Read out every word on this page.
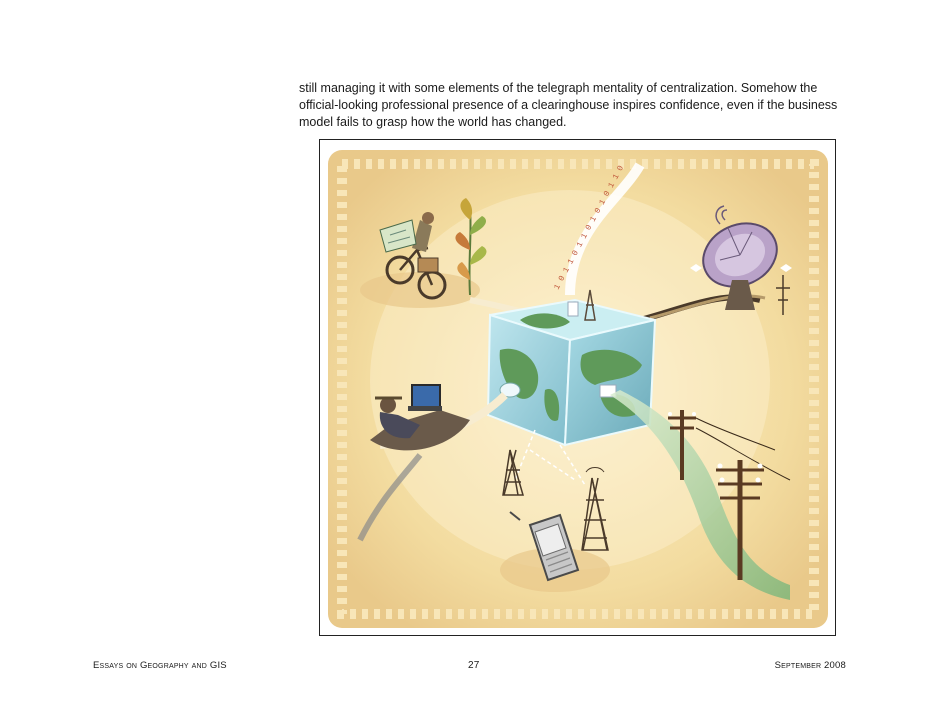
still managing it with some elements of the telegraph mentality of centralization. Somehow the official-looking professional presence of a clearinghouse inspires confidence, even if the business model fails to grasp how the world has changed.

1 0 1 1 0 1 1 0 1 0 1 0 1 1 0
Essays on Geography and GIS	27	September 2008
